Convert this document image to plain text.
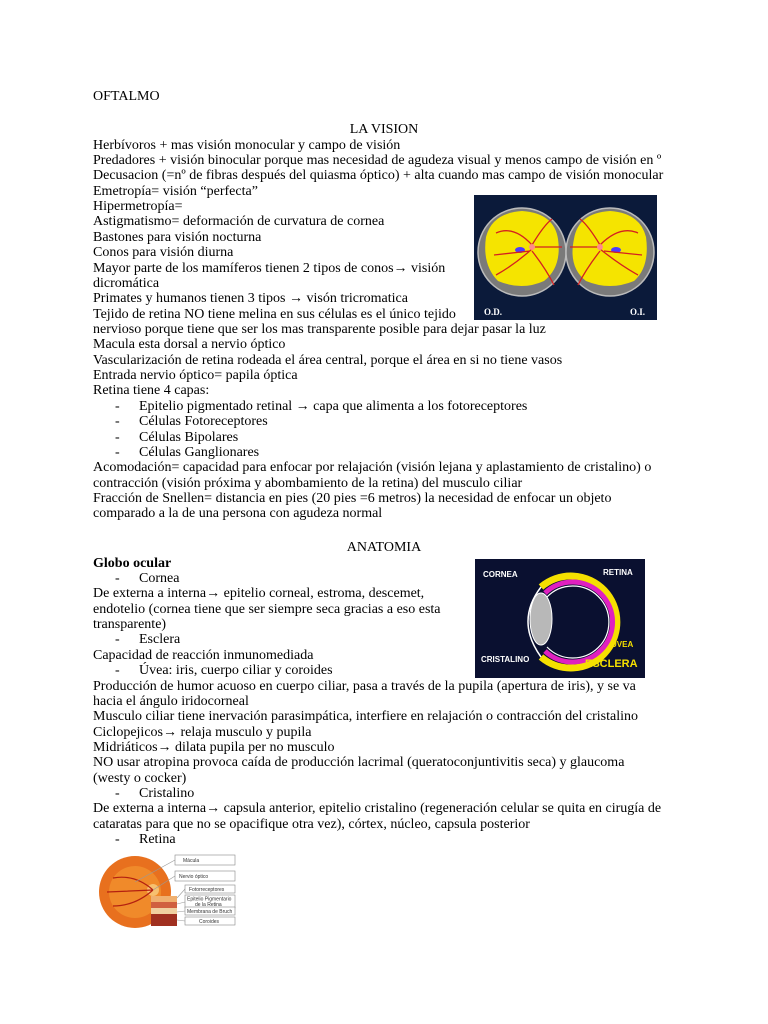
OFTALMO
LA VISION
Herbívoros + mas visión monocular y campo de visión
Predadores + visión binocular porque mas necesidad de agudeza visual y menos campo de visión en º
Decusacion (=nº de fibras después del quiasma óptico) + alta cuando mas campo de visión monocular
Emetropía= visión “perfecta”
Hipermetropía=
Astigmatismo= deformación de curvatura de cornea
Bastones para visión nocturna
Conos para visión diurna
Mayor parte de los mamíferos tienen 2 tipos de conos→ visión
dicromática
Primates y humanos tienen 3 tipos → visón tricromatica
Tejido de retina NO tiene melina en sus células es el único tejido
nervioso porque tiene que ser los mas transparente posible para dejar pasar la luz
Macula esta dorsal a nervio óptico
Vascularización de retina rodeada el área central, porque el área en si no tiene vasos
Entrada nervio óptico= papila óptica
Retina tiene 4 capas:
- Epitelio pigmentado retinal → capa que alimenta a los fotoreceptores
- Células Fotoreceptores
- Células Bipolares
- Células Ganglionares
Acomodación= capacidad para enfocar por relajación (visión lejana y aplastamiento de cristalino) o
contracción (visión próxima y abombamiento de la retina) del musculo ciliar
Fracción de Snellen= distancia en pies (20 pies =6 metros) la necesidad de enfocar un objeto
comparado a la de una persona con agudeza normal
ANATOMIA
Globo ocular
- Cornea
De externa a interna→ epitelio corneal, estroma, descemet,
endotelio (cornea tiene que ser siempre seca gracias a eso esta
transparente)
- Esclera
Capacidad de reacción inmunomediada
- Úvea: iris, cuerpo ciliar y coroides
Producción de humor acuoso en cuerpo ciliar, pasa a través de la pupila (apertura de iris), y se va
hacia el ángulo iridocorneal
Musculo ciliar tiene inervación parasimpática, interfiere en relajación o contracción del cristalino
Ciclopejicos→ relaja musculo y pupila
Midriáticos→ dilata pupila per no musculo
NO usar atropina provoca caída de producción lacrimal (queratoconjuntivitis seca) y glaucoma
(westy o cocker)
- Cristalino
De externa a interna→ capsula anterior, epitelio cristalino (regeneración celular se quita en cirugía de
cataratas para que no se opacifique otra vez), córtex, núcleo, capsula posterior
- Retina
O.D.	O.I.
CORNEA	RETINA
UVEA
CRISTALINO	ESCLERA
Mácula
Nervio óptico
Fotorreceptores
Epitelio Pigmentario
de la Retina
Membrana de Bruch
Coroides
